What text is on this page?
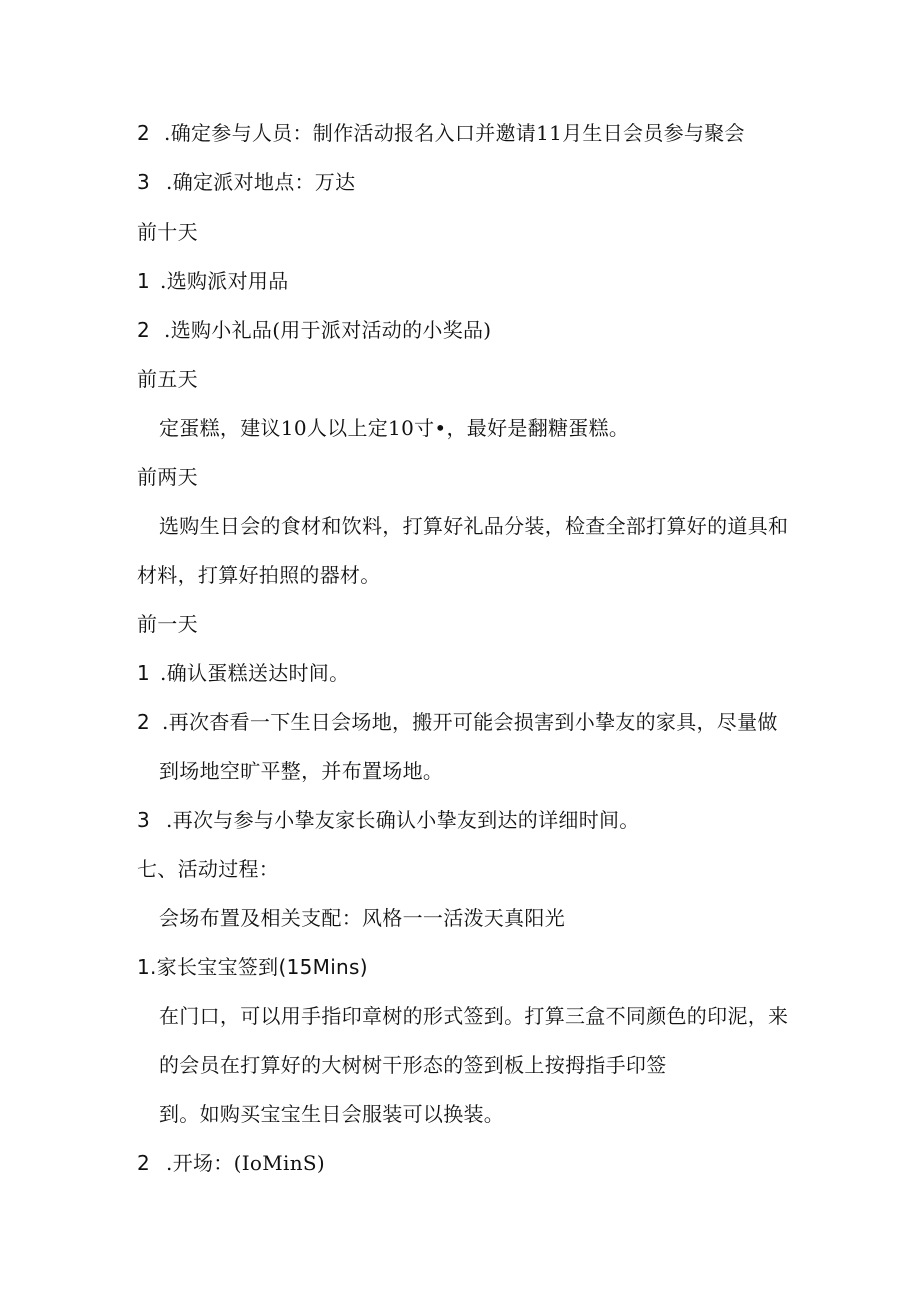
2 .确定参与人员：制作活动报名入口并邀请11月生日会员参与聚会
3 .确定派对地点：万达
前十天
1 .选购派对用品
2 .选购小礼品(用于派对活动的小奖品)
前五天
定蛋糕，建议10人以上定10寸•，最好是翻糖蛋糕。
前两天
选购生日会的食材和饮料，打算好礼品分装，检查全部打算好的道具和
材料，打算好拍照的器材。
前一天
1 .确认蛋糕送达时间。
2 .再次杳看一下生日会场地，搬开可能会损害到小挚友的家具，尽量做
到场地空旷平整，并布置场地。
3 .再次与参与小挚友家长确认小挚友到达的详细时间。
七、活动过程：
会场布置及相关支配：风格一一活泼天真阳光
1.家长宝宝签到(15Mins)
在门口，可以用手指印章树的形式签到。打算三盒不同颜色的印泥，来
的会员在打算好的大树树干形态的签到板上按拇指手印签
到。如购买宝宝生日会服装可以换装。
2 .开场：(IoMinS)
